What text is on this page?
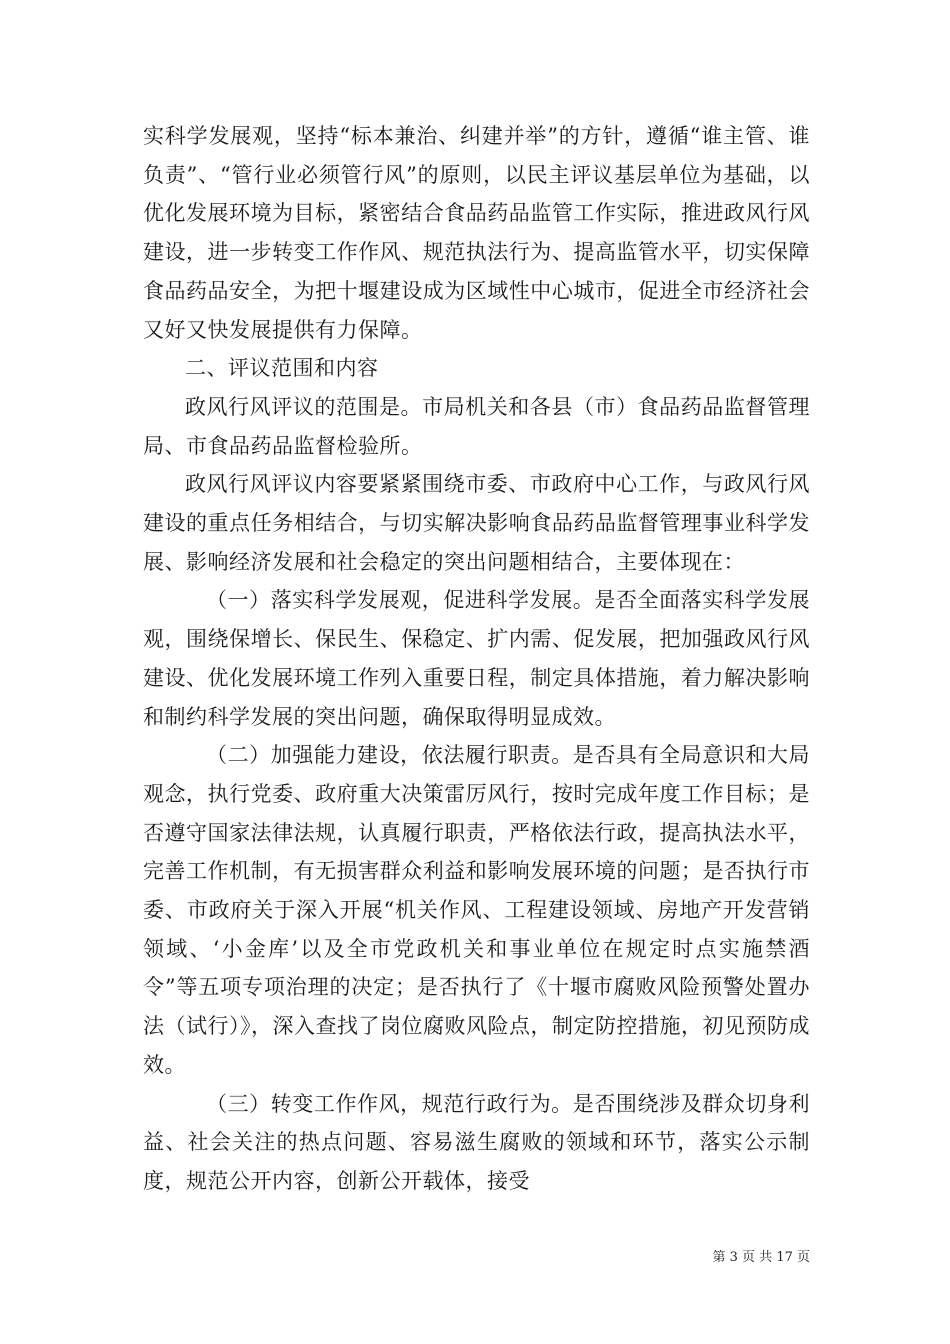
实科学发展观，坚持“标本兼治、纠建并举”的方针，遵循“谁主管、谁负责”、“管行业必须管行风”的原则，以民主评议基层单位为基础，以优化发展环境为目标，紧密结合食品药品监管工作实际，推进政风行风建设，进一步转变工作作风、规范执法行为、提高监管水平，切实保障食品药品安全，为把十堰建设成为区域性中心城市，促进全市经济社会又好又快发展提供有力保障。

二、评议范围和内容

政风行风评议的范围是。市局机关和各县（市）食品药品监督管理局、市食品药品监督检验所。

政风行风评议内容要紧紧围绕市委、市政府中心工作，与政风行风建设的重点任务相结合，与切实解决影响食品药品监督管理事业科学发展、影响经济发展和社会稳定的突出问题相结合，主要体现在：

（一）落实科学发展观，促进科学发展。是否全面落实科学发展观，围绕保增长、保民生、保稳定、扩内需、促发展，把加强政风行风建设、优化发展环境工作列入重要日程，制定具体措施，着力解决影响和制约科学发展的突出问题，确保取得明显成效。

（二）加强能力建设，依法履行职责。是否具有全局意识和大局观念，执行党委、政府重大决策雷厉风行，按时完成年度工作目标；是否遵守国家法律法规，认真履行职责，严格依法行政，提高执法水平，完善工作机制，有无损害群众利益和影响发展环境的问题；是否执行市委、市政府关于深入开展“机关作风、工程建设领域、房地产开发营销领域、‘小金库’以及全市党政机关和事业单位在规定时点实施禁酒令”等五项专项治理的决定；是否执行了《十堰市腐败风险预警处置办法（试行）》，深入查找了岗位腐败风险点，制定防控措施，初见预防成效。

（三）转变工作作风，规范行政行为。是否围绕涉及群众切身利益、社会关注的热点问题、容易滋生腐败的领域和环节，落实公示制度，规范公开内容，创新公开载体，接受

第 3 页 共 17 页
